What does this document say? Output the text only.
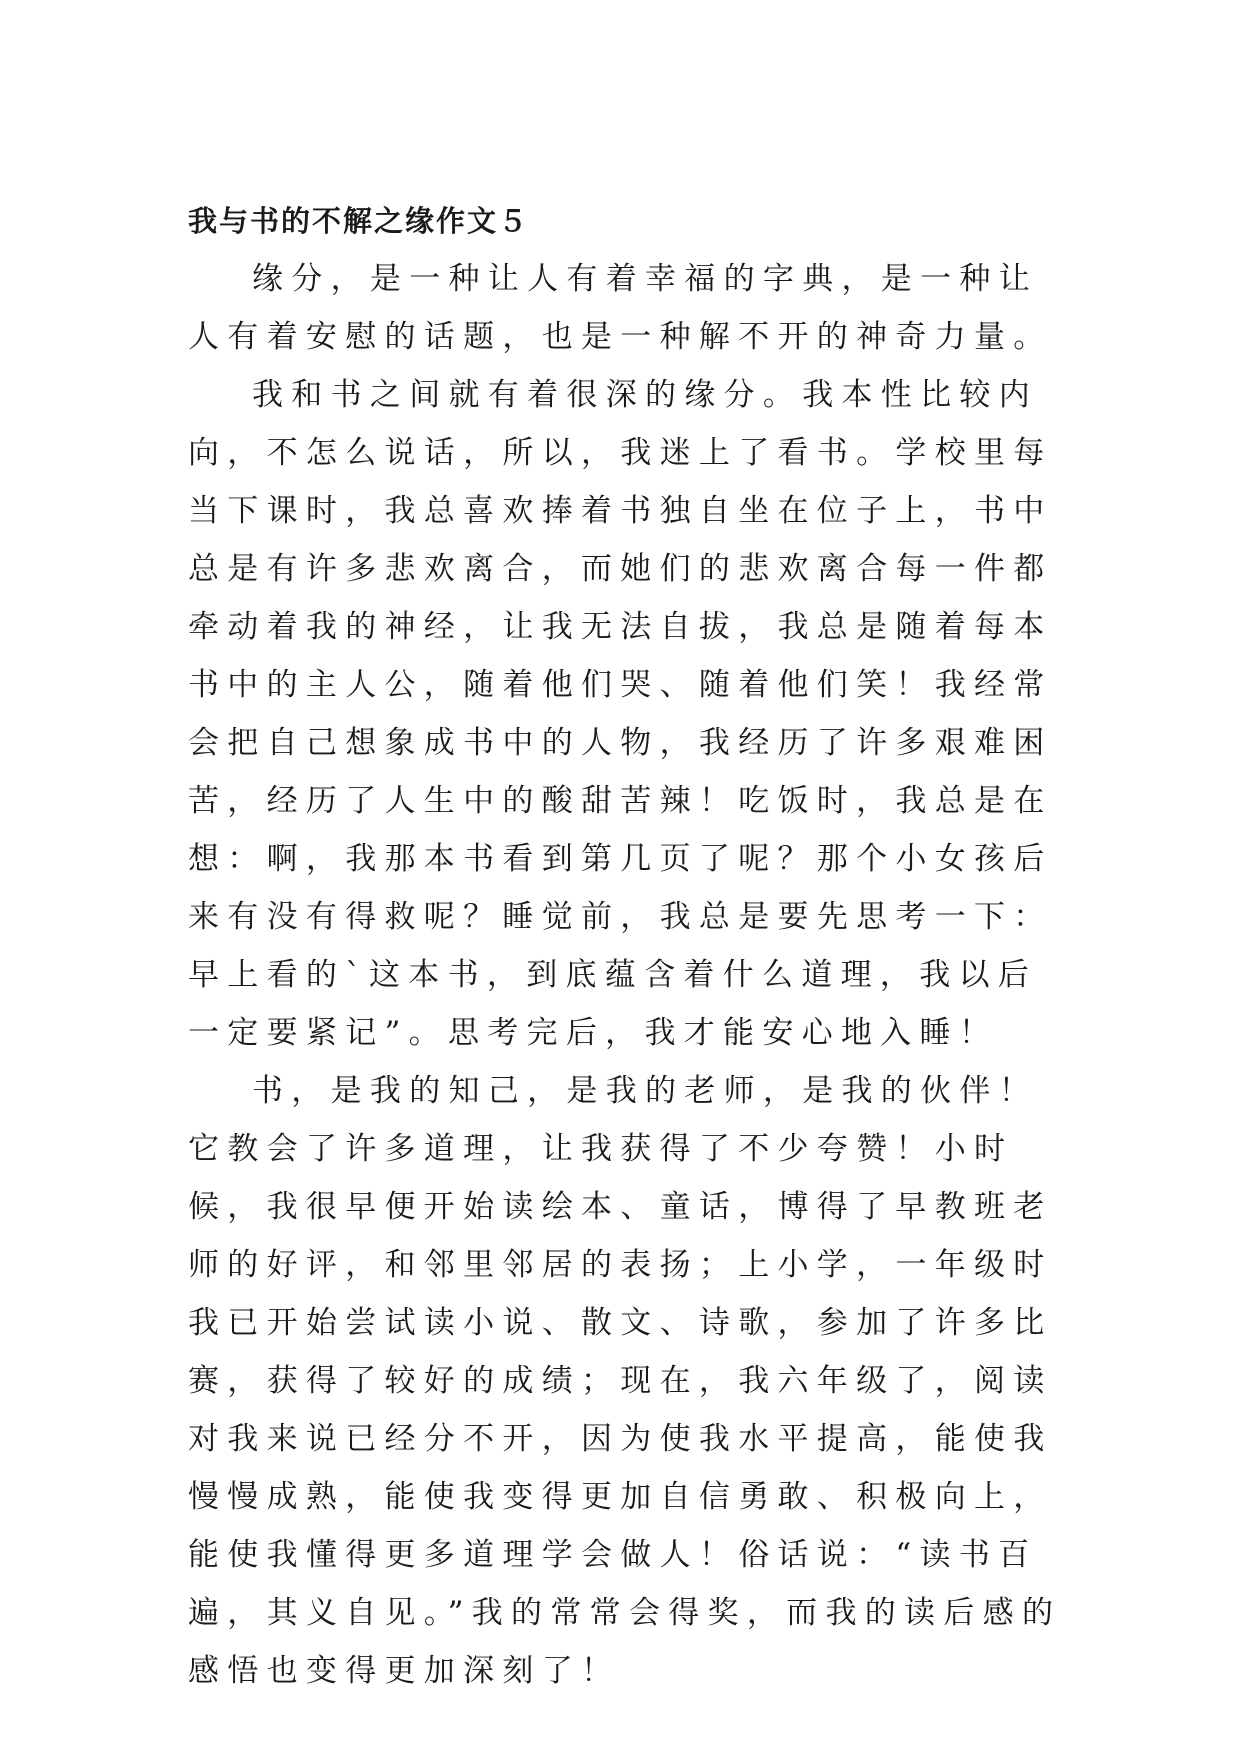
我与书的不解之缘作文５

缘分，是一种让人有着幸福的字典，是一种让人有着安慰的话题，也是一种解不开的神奇力量。

我和书之间就有着很深的缘分。我本性比较内向，不怎么说话，所以，我迷上了看书。学校里每当下课时，我总喜欢捧着书独自坐在位子上，书中总是有许多悲欢离合，而她们的悲欢离合每一件都牵动着我的神经，让我无法自拔，我总是随着每本书中的主人公，随着他们哭、随着他们笑！我经常会把自己想象成书中的人物，我经历了许多艰难困苦，经历了人生中的酸甜苦辣！吃饭时，我总是在想：啊，我那本书看到第几页了呢？那个小女孩后来有没有得救呢？睡觉前，我总是要先思考一下：早上看的`这本书，到底蕴含着什么道理，我以后一定要紧记”。思考完后，我才能安心地入睡！

书，是我的知己，是我的老师，是我的伙伴！它教会了许多道理，让我获得了不少夸赞！小时候，我很早便开始读绘本、童话，博得了早教班老师的好评，和邻里邻居的表扬；上小学，一年级时我已开始尝试读小说、散文、诗歌，参加了许多比赛，获得了较好的成绩；现在，我六年级了，阅读对我来说已经分不开，因为使我水平提高，能使我慢慢成熟，能使我变得更加自信勇敢、积极向上，能使我懂得更多道理学会做人！俗话说：“读书百遍，其义自见。”我的常常会得奖，而我的读后感的感悟也变得更加深刻了！
